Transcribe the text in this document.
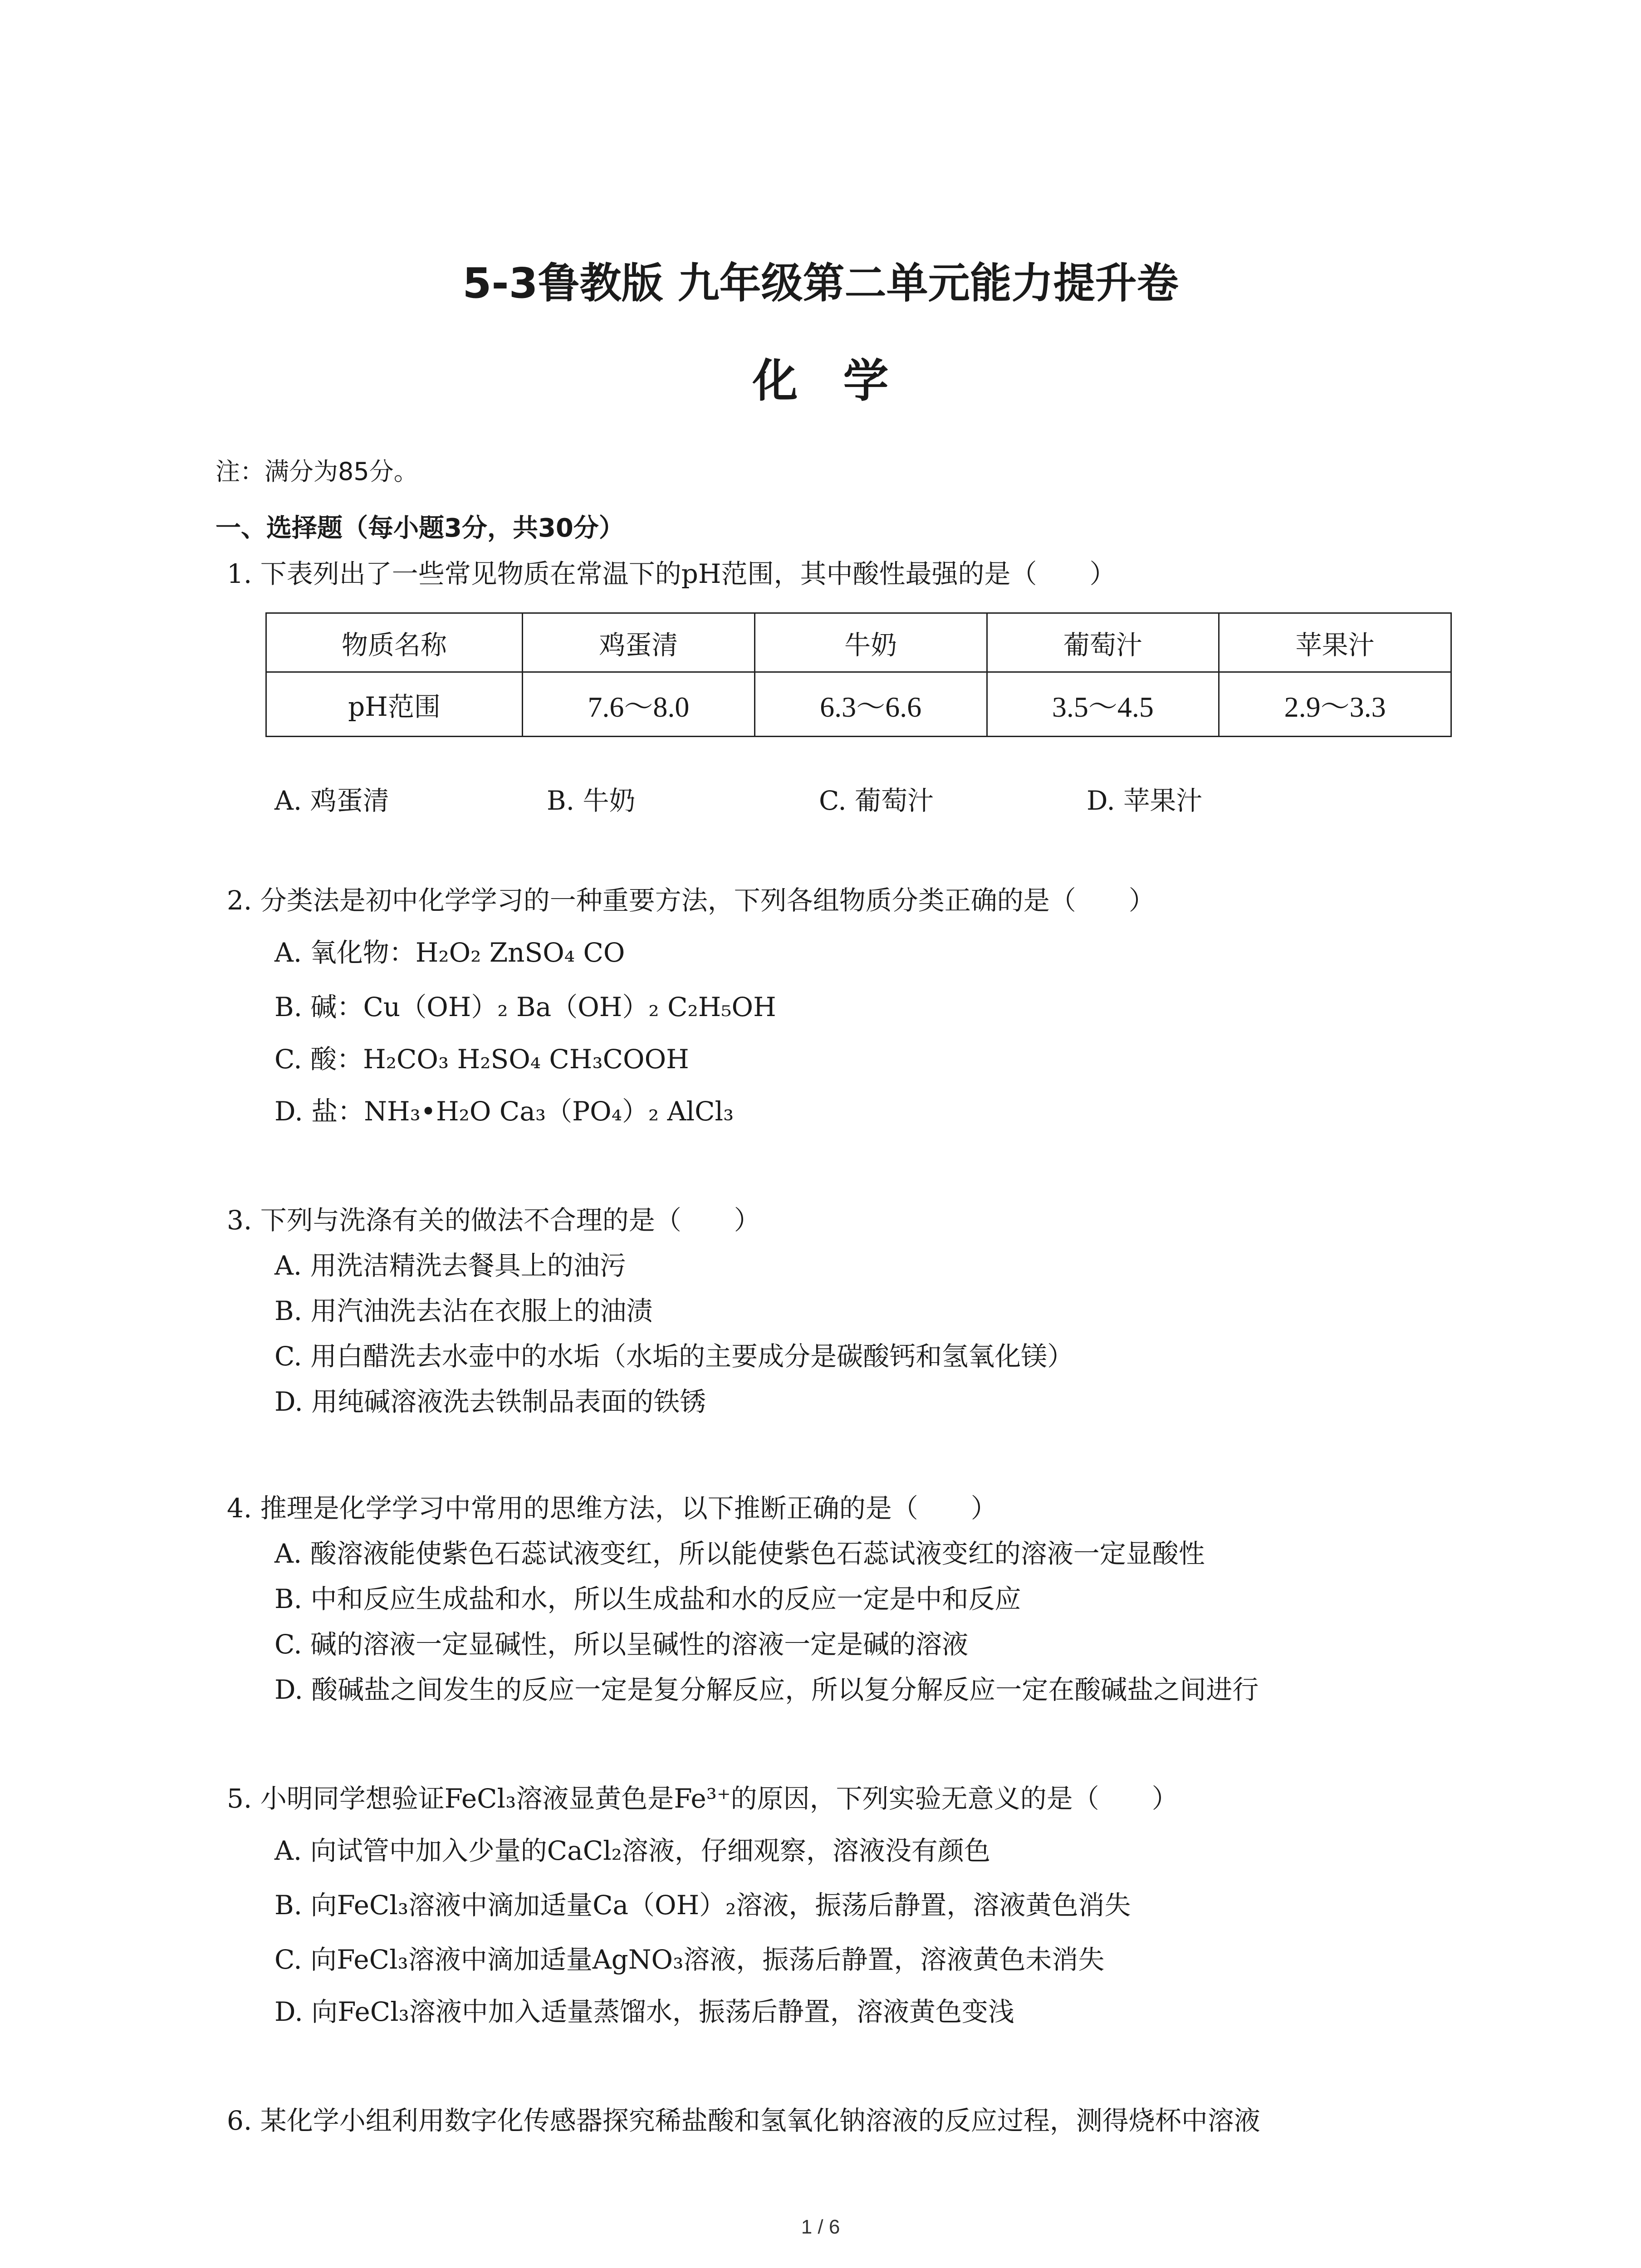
5-3鲁教版 九年级第二单元能力提升卷
化学
注：满分为85分。
一、选择题（每小题3分，共30分）
1. 下表列出了一些常见物质在常温下的pH范围，其中酸性最强的是（　　）
物质名称	鸡蛋清	牛奶	葡萄汁	苹果汁
pH范围	7.6～8.0	6.3～6.6	3.5～4.5	2.9～3.3
A. 鸡蛋清	B. 牛奶	C. 葡萄汁	D. 苹果汁
2. 分类法是初中化学学习的一种重要方法，下列各组物质分类正确的是（　　）
A. 氧化物：H₂O₂ ZnSO₄ CO
B. 碱：Cu（OH）₂ Ba（OH）₂ C₂H₅OH
C. 酸：H₂CO₃ H₂SO₄ CH₃COOH
D. 盐：NH₃•H₂O Ca₃（PO₄）₂ AlCl₃
3. 下列与洗涤有关的做法不合理的是（　　）
A. 用洗洁精洗去餐具上的油污
B. 用汽油洗去沾在衣服上的油渍
C. 用白醋洗去水壶中的水垢（水垢的主要成分是碳酸钙和氢氧化镁）
D. 用纯碱溶液洗去铁制品表面的铁锈
4. 推理是化学学习中常用的思维方法，以下推断正确的是（　　）
A. 酸溶液能使紫色石蕊试液变红，所以能使紫色石蕊试液变红的溶液一定显酸性
B. 中和反应生成盐和水，所以生成盐和水的反应一定是中和反应
C. 碱的溶液一定显碱性，所以呈碱性的溶液一定是碱的溶液
D. 酸碱盐之间发生的反应一定是复分解反应，所以复分解反应一定在酸碱盐之间进行
5. 小明同学想验证FeCl₃溶液显黄色是Fe³⁺的原因，下列实验无意义的是（　　）
A. 向试管中加入少量的CaCl₂溶液，仔细观察，溶液没有颜色
B. 向FeCl₃溶液中滴加适量Ca（OH）₂溶液，振荡后静置，溶液黄色消失
C. 向FeCl₃溶液中滴加适量AgNO₃溶液，振荡后静置，溶液黄色未消失
D. 向FeCl₃溶液中加入适量蒸馏水，振荡后静置，溶液黄色变浅
6. 某化学小组利用数字化传感器探究稀盐酸和氢氧化钠溶液的反应过程，测得烧杯中溶液
1 / 6
